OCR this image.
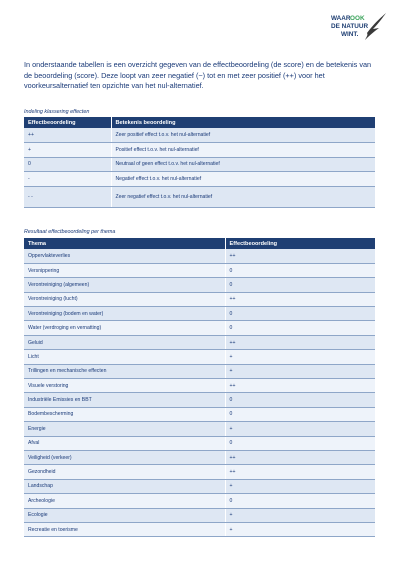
WAAR OOK
DE NATUUR
WINT.
In onderstaande tabellen is een overzicht gegeven van de effectbeoordeling (de score) en de betekenis van de beoordeling (score). Deze loopt van zeer negatief (−) tot en met zeer positief (++) voor het voorkeursalternatief ten opzichte van het nul-alternatief.
Indeling klassering effecten
Effectbeoordeling	Betekenis beoordeling
++	Zeer positief effect t.o.v. het nul-alternatief
+	Positief effect t.o.v. het nul-alternatief
0	Neutraal of geen effect t.o.v. het nul-alternatief
-	Negatief effect t.o.v. het nul-alternatief
- -	Zeer negatief effect t.o.v. het nul-alternatief
Resultaat effectbeoordeling per thema
Thema	Effectbeoordeling
Oppervlakteverlies	++
Versnippering	0
Verontreiniging (algemeen)	0
Verontreiniging (lucht)	++
Verontreiniging (bodem en water)	0
Water (verdroging en vernatting)	0
Geluid	++
Licht	+
Trillingen en mechanische effecten	+
Visuele verstoring	++
Industriële Emissies en BBT	0
Bodembescherming	0
Energie	+
Afval	0
Veiligheid (verkeer)	++
Gezondheid	++
Landschap	+
Archeologie	0
Ecologie	+
Recreatie en toerisme	+
